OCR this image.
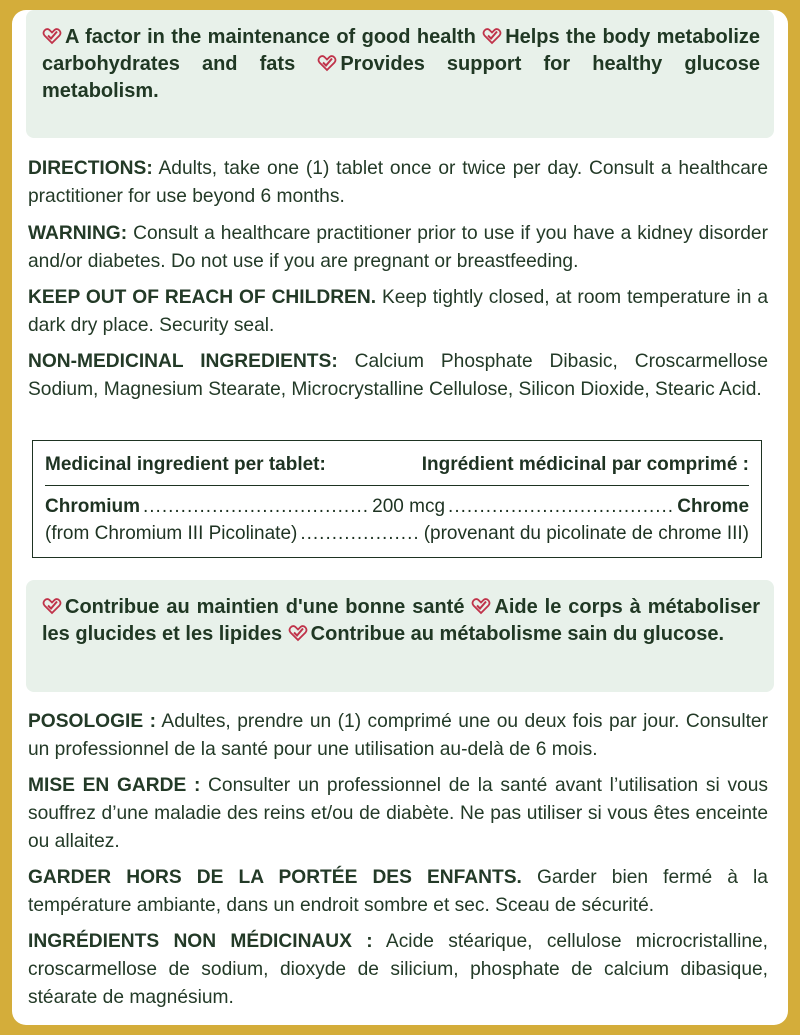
A factor in the maintenance of good health Helps the body metabolize carbohydrates and fats Provides support for healthy glucose metabolism.

DIRECTIONS: Adults, take one (1) tablet once or twice per day. Consult a healthcare practitioner for use beyond 6 months.

WARNING: Consult a healthcare practitioner prior to use if you have a kidney disorder and/or diabetes. Do not use if you are pregnant or breastfeeding.

KEEP OUT OF REACH OF CHILDREN. Keep tightly closed, at room temperature in a dark dry place. Security seal.

NON-MEDICINAL INGREDIENTS: Calcium Phosphate Dibasic, Croscarmellose Sodium, Magnesium Stearate, Microcrystalline Cellulose, Silicon Dioxide, Stearic Acid.

Medicinal ingredient per tablet:	Ingrédient médicinal par comprimé :
Chromium .....	200 mcg .....	Chrome
(from Chromium III Picolinate) .....	(provenant du picolinate de chrome III)
Contribue au maintien d'une bonne santé Aide le corps à métaboliser les glucides et les lipides Contribue au métabolisme sain du glucose.

POSOLOGIE : Adultes, prendre un (1) comprimé une ou deux fois par jour. Consulter un professionnel de la santé pour une utilisation au-delà de 6 mois.

MISE EN GARDE : Consulter un professionnel de la santé avant l’utilisation si vous souffrez d’une maladie des reins et/ou de diabète. Ne pas utiliser si vous êtes enceinte ou allaitez.

GARDER HORS DE LA PORTÉE DES ENFANTS. Garder bien fermé à la température ambiante, dans un endroit sombre et sec. Sceau de sécurité.

INGRÉDIENTS NON MÉDICINAUX : Acide stéarique, cellulose microcristalline, croscarmellose de sodium, dioxyde de silicium, phosphate de calcium dibasique, stéarate de magnésium.
